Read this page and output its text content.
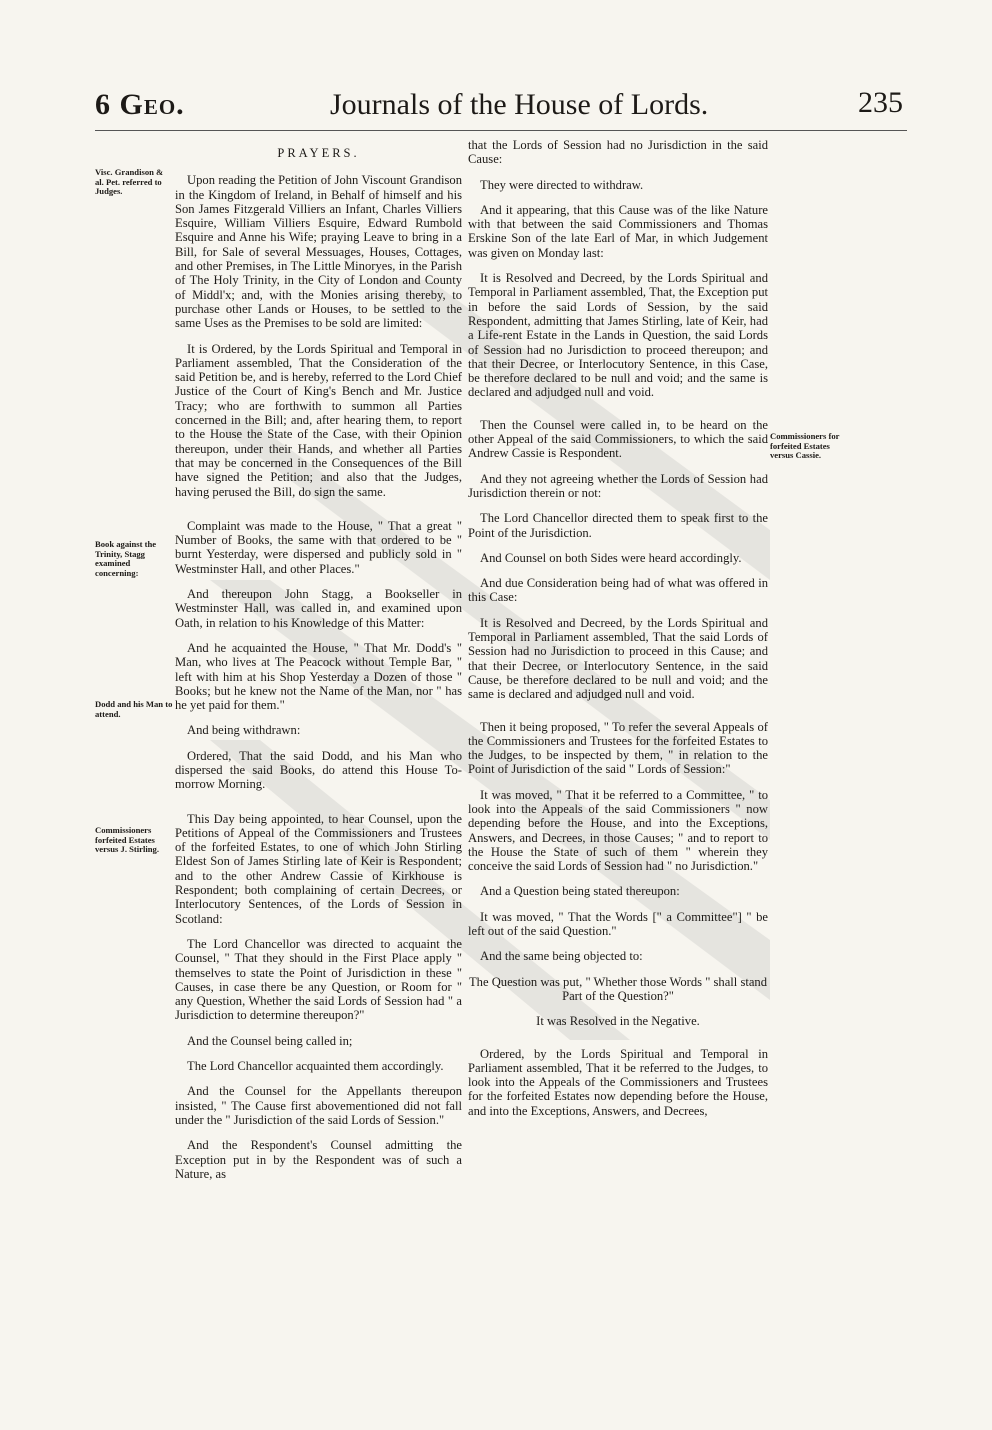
6 Geo.	Journals of the House of Lords.	235
Visc. Grandison & al. Pet. referred to Judges.
Book against the Trinity, Stagg examined concerning:
Dodd and his Man to attend.
Commissioners forfeited Estates versus J. Stirling.
Commissioners for forfeited Estates versus Cassie.
PRAYERS.

Upon reading the Petition of John Viscount Grandison in the Kingdom of Ireland, in Behalf of himself and his Son James Fitzgerald Villiers an Infant, Charles Villiers Esquire, William Villiers Esquire, Edward Rumbold Esquire and Anne his Wife; praying Leave to bring in a Bill, for Sale of several Messuages, Houses, Cottages, and other Premises, in The Little Minoryes, in the Parish of The Holy Trinity, in the City of London and County of Middl'x; and, with the Monies arising thereby, to purchase other Lands or Houses, to be settled to the same Uses as the Premises to be sold are limited:

It is Ordered, by the Lords Spiritual and Temporal in Parliament assembled, That the Consideration of the said Petition be, and is hereby, referred to the Lord Chief Justice of the Court of King's Bench and Mr. Justice Tracy; who are forthwith to summon all Parties concerned in the Bill; and, after hearing them, to report to the House the State of the Case, with their Opinion thereupon, under their Hands, and whether all Parties that may be concerned in the Consequences of the Bill have signed the Petition; and also that the Judges, having perused the Bill, do sign the same.

Complaint was made to the House, " That a great " Number of Books, the same with that ordered to be " burnt Yesterday, were dispersed and publicly sold in " Westminster Hall, and other Places."

And thereupon John Stagg, a Bookseller in Westminster Hall, was called in, and examined upon Oath, in relation to his Knowledge of this Matter:

And he acquainted the House, " That Mr. Dodd's " Man, who lives at The Peacock without Temple Bar, " left with him at his Shop Yesterday a Dozen of those " Books; but he knew not the Name of the Man, nor " has he yet paid for them."

And being withdrawn:

Ordered, That the said Dodd, and his Man who dispersed the said Books, do attend this House To-morrow Morning.

This Day being appointed, to hear Counsel, upon the Petitions of Appeal of the Commissioners and Trustees of the forfeited Estates, to one of which John Stirling Eldest Son of James Stirling late of Keir is Respondent; and to the other Andrew Cassie of Kirkhouse is Respondent; both complaining of certain Decrees, or Interlocutory Sentences, of the Lords of Session in Scotland:

The Lord Chancellor was directed to acquaint the Counsel, " That they should in the First Place apply " themselves to state the Point of Jurisdiction in these " Causes, in case there be any Question, or Room for " any Question, Whether the said Lords of Session had " a Jurisdiction to determine thereupon?"

And the Counsel being called in;

The Lord Chancellor acquainted them accordingly.

And the Counsel for the Appellants thereupon insisted, " The Cause first abovementioned did not fall under the " Jurisdiction of the said Lords of Session."

And the Respondent's Counsel admitting the Exception put in by the Respondent was of such a Nature, as

that the Lords of Session had no Jurisdiction in the said Cause:

They were directed to withdraw.

And it appearing, that this Cause was of the like Nature with that between the said Commissioners and Thomas Erskine Son of the late Earl of Mar, in which Judgement was given on Monday last:

It is Resolved and Decreed, by the Lords Spiritual and Temporal in Parliament assembled, That, the Exception put in before the said Lords of Session, by the said Respondent, admitting that James Stirling, late of Keir, had a Life-rent Estate in the Lands in Question, the said Lords of Session had no Jurisdiction to proceed thereupon; and that their Decree, or Interlocutory Sentence, in this Case, be therefore declared to be null and void; and the same is declared and adjudged null and void.

Then the Counsel were called in, to be heard on the other Appeal of the said Commissioners, to which the said Andrew Cassie is Respondent.

And they not agreeing whether the Lords of Session had Jurisdiction therein or not:

The Lord Chancellor directed them to speak first to the Point of the Jurisdiction.

And Counsel on both Sides were heard accordingly.

And due Consideration being had of what was offered in this Case:

It is Resolved and Decreed, by the Lords Spiritual and Temporal in Parliament assembled, That the said Lords of Session had no Jurisdiction to proceed in this Cause; and that their Decree, or Interlocutory Sentence, in the said Cause, be therefore declared to be null and void; and the same is declared and adjudged null and void.

Then it being proposed, " To refer the several Appeals of the Commissioners and Trustees for the forfeited Estates to the Judges, to be inspected by them, " in relation to the Point of Jurisdiction of the said " Lords of Session:"

It was moved, " That it be referred to a Committee, " to look into the Appeals of the said Commissioners " now depending before the House, and into the Exceptions, Answers, and Decrees, in those Causes; " and to report to the House the State of such of them " wherein they conceive the said Lords of Session had " no Jurisdiction."

And a Question being stated thereupon:

It was moved, " That the Words [" a Committee"] " be left out of the said Question."

And the same being objected to:

The Question was put, " Whether those Words " shall stand Part of the Question?"

It was Resolved in the Negative.

Ordered, by the Lords Spiritual and Temporal in Parliament assembled, That it be referred to the Judges, to look into the Appeals of the Commissioners and Trustees for the forfeited Estates now depending before the House, and into the Exceptions, Answers, and Decrees,
